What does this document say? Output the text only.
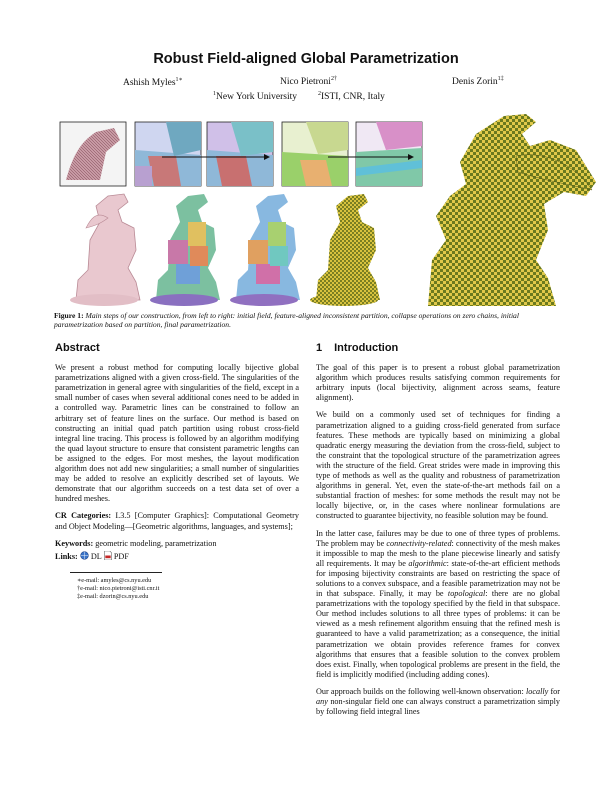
Robust Field-aligned Global Parametrization
Ashish Myles$^{1∗}$	Nico Pietroni$^{2\dagger}$	Denis Zorin$^{1\ddagger}$
$^1$New York University	$^2$ISTI, CNR, Italy
Figure 1: Main steps of our construction, from left to right: initial field, feature-aligned inconsistent partition, collapse operations on zero chains, initial parametrization based on partition, final parametrization.
Abstract

We present a robust method for computing locally bijective global parametrizations aligned with a given cross-field. The singularities of the parametrization in general agree with singularities of the field, except in a small number of cases when several additional cones need to be added in a controlled way. Parametric lines can be constrained to follow an arbitrary set of feature lines on the surface. Our method is based on constructing an initial quad patch partition using robust cross-field integral line tracing. This process is followed by an algorithm modifying the quad layout structure to ensure that consistent parametric lengths can be assigned to the edges. For most meshes, the layout modification algorithm does not add new singularities; a small number of singularities may be added to resolve an explicitly described set of layouts. We demonstrate that our algorithm succeeds on a test data set of over a hundred meshes.

CR Categories: I.3.5 [Computer Graphics]: Computational Geometry and Object Modeling—[Geometric algorithms, languages, and systems];

Keywords: geometric modeling, parametrization

Links: DL PDF
∗e-mail: amyles@cs.nyu.edu
†e-mail: nico.pietroni@isti.cnr.it
‡e-mail: dzorin@cs.nyu.edu
1 Introduction

The goal of this paper is to present a robust global parametrization algorithm which produces results satisfying common requirements for arbitrary inputs (local bijectivity, alignment across seams, feature alignment).

We build on a commonly used set of techniques for finding a parametrization aligned to a guiding cross-field generated from surface features. These methods are typically based on minimizing a global quadratic energy measuring the deviation from the cross-field, subject to the constraint that the topological structure of the parametrization agrees with the structure of the field. Great strides were made in improving this type of methods as well as the quality and robustness of parametrization algorithms in general. Yet, even the state-of-the-art methods fail on a substantial fraction of meshes: for some methods the result may not be locally bijective, or, in the cases where nonlinear formulations are constructed to guarantee bijectivity, no feasible solution may be found.

In the latter case, failures may be due to one of three types of problems. The problem may be connectivity-related: connectivity of the mesh makes it impossible to map the mesh to the plane piecewise linearly and satisfy all requirements. It may be algorithmic: state-of-the-art efficient methods for imposing bijectivity constraints are based on restricting the space of solutions to a convex subspace, and a feasible parametrization may not be in that subspace. Finally, it may be topological: there are no global parametrizations with the topology specified by the field in that subspace. Our method includes solutions to all three types of problems: it can be viewed as a mesh refinement algorithm ensuing that the refined mesh is guaranteed to have a valid parametrization; as a consequence, the initial parametrization we obtain provides reference frames for convex algorithms that ensures that a feasible solution to the convex problem does exist. Finally, when topological problems are present in the field, the field is implicitly modified (including adding cones).

Our approach builds on the following well-known observation: locally for any non-singular field one can always construct a parametrization simply by following field integral lines
